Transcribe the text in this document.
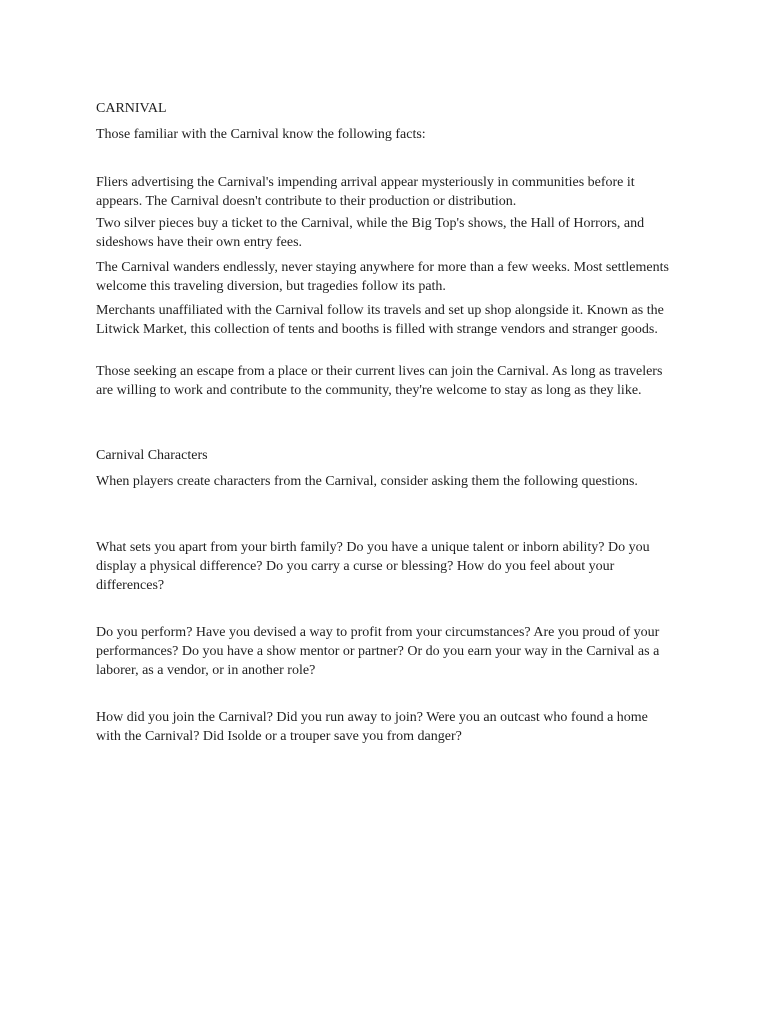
CARNIVAL

Those familiar with the Carnival know the following facts:

Fliers advertising the Carnival's impending arrival appear mysteriously in communities before it appears. The Carnival doesn't contribute to their production or distribution.

Two silver pieces buy a ticket to the Carnival, while the Big Top's shows, the Hall of Horrors, and sideshows have their own entry fees.

The Carnival wanders endlessly, never staying anywhere for more than a few weeks. Most settlements welcome this traveling diversion, but tragedies follow its path.

Merchants unaffiliated with the Carnival follow its travels and set up shop alongside it. Known as the Litwick Market, this collection of tents and booths is filled with strange vendors and stranger goods.

Those seeking an escape from a place or their current lives can join the Carnival. As long as travelers are willing to work and contribute to the community, they're welcome to stay as long as they like.

Carnival Characters

When players create characters from the Carnival, consider asking them the following questions.

What sets you apart from your birth family? Do you have a unique talent or inborn ability? Do you display a physical difference? Do you carry a curse or blessing? How do you feel about your differences?

Do you perform? Have you devised a way to profit from your circumstances? Are you proud of your performances? Do you have a show mentor or partner? Or do you earn your way in the Carnival as a laborer, as a vendor, or in another role?

How did you join the Carnival? Did you run away to join? Were you an outcast who found a home with the Carnival? Did Isolde or a trouper save you from danger?
